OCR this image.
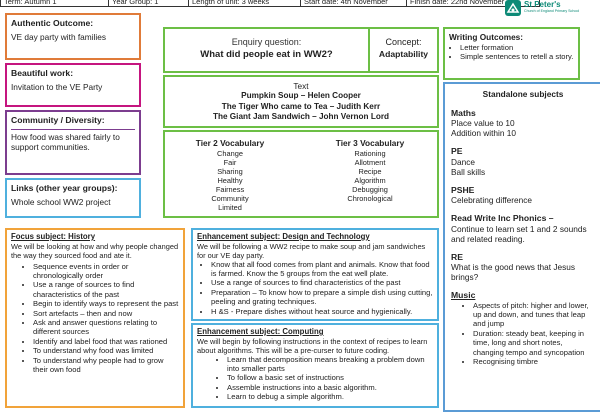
Term: Autumn 1	Year Group: 1	Length of unit: 3 weeks	Start date: 4th November	Finish date: 22nd November	St Peter's
Church of England Primary School
Authentic Outcome:
VE day party with families
Beautiful work:
Invitation to the VE Party
Community / Diversity:
How food was shared fairly to support communities.
Links (other year groups):
Whole school WW2 project
Enquiry question:
What did people eat in WW2?
Concept:
Adaptability
Text
Pumpkin Soup – Helen Cooper
The Tiger Who came to Tea – Judith Kerr
The Giant Jam Sandwich – John Vernon Lord
Tier 2 Vocabulary
Change
Fair
Sharing
Healthy
Fairness
Community
Limited
Tier 3 Vocabulary
Rationing
Allotment
Recipe
Algorithm
Debugging
Chronological
Writing Outcomes:
• Letter formation
• Simple sentences to retell a story.
Standalone subjects
Maths
Place value to 10
Addition within 10
PE
Dance
Ball skills
PSHE
Celebrating difference
Read Write Inc Phonics –
Continue to learn set 1 and 2 sounds and related reading.
RE
What is the good news that Jesus brings?
Music
• Aspects of pitch: higher and lower, up and down, and tunes that leap and jump
• Duration: steady beat, keeping in time, long and short notes, changing tempo and syncopation
• Recognising timbre
Focus subject: History
We will be looking at how and why people changed the way they sourced food and ate it.
• Sequence events in order or chronologically order
• Use a range of sources to find characteristics of the past
• Begin to identify ways to represent the past
• Sort artefacts – then and now
• Ask and answer questions relating to different sources
• Identify and label food that was rationed
• To understand why food was limited
• To understand why people had to grow their own food
Enhancement subject: Design and Technology
We will be following a WW2 recipe to make soup and jam sandwiches for our VE day party.
• Know that all food comes from plant and animals. Know that food is farmed. Know the 5 groups from the eat well plate.
• Use a range of sources to find characteristics of the past
• Preparation – To know how to prepare a simple dish using cutting, peeling and grating techniques.
• H &S - Prepare dishes without heat source and hygienically.
Enhancement subject: Computing
We will begin by following instructions in the context of recipes to learn about algorithms. This will be a pre-curser to future coding.
• Learn that decomposition means breaking a problem down into smaller parts
• To follow a basic set of instructions
• Assemble instructions into a basic algorithm.
• Learn to debug a simple algorithm.
